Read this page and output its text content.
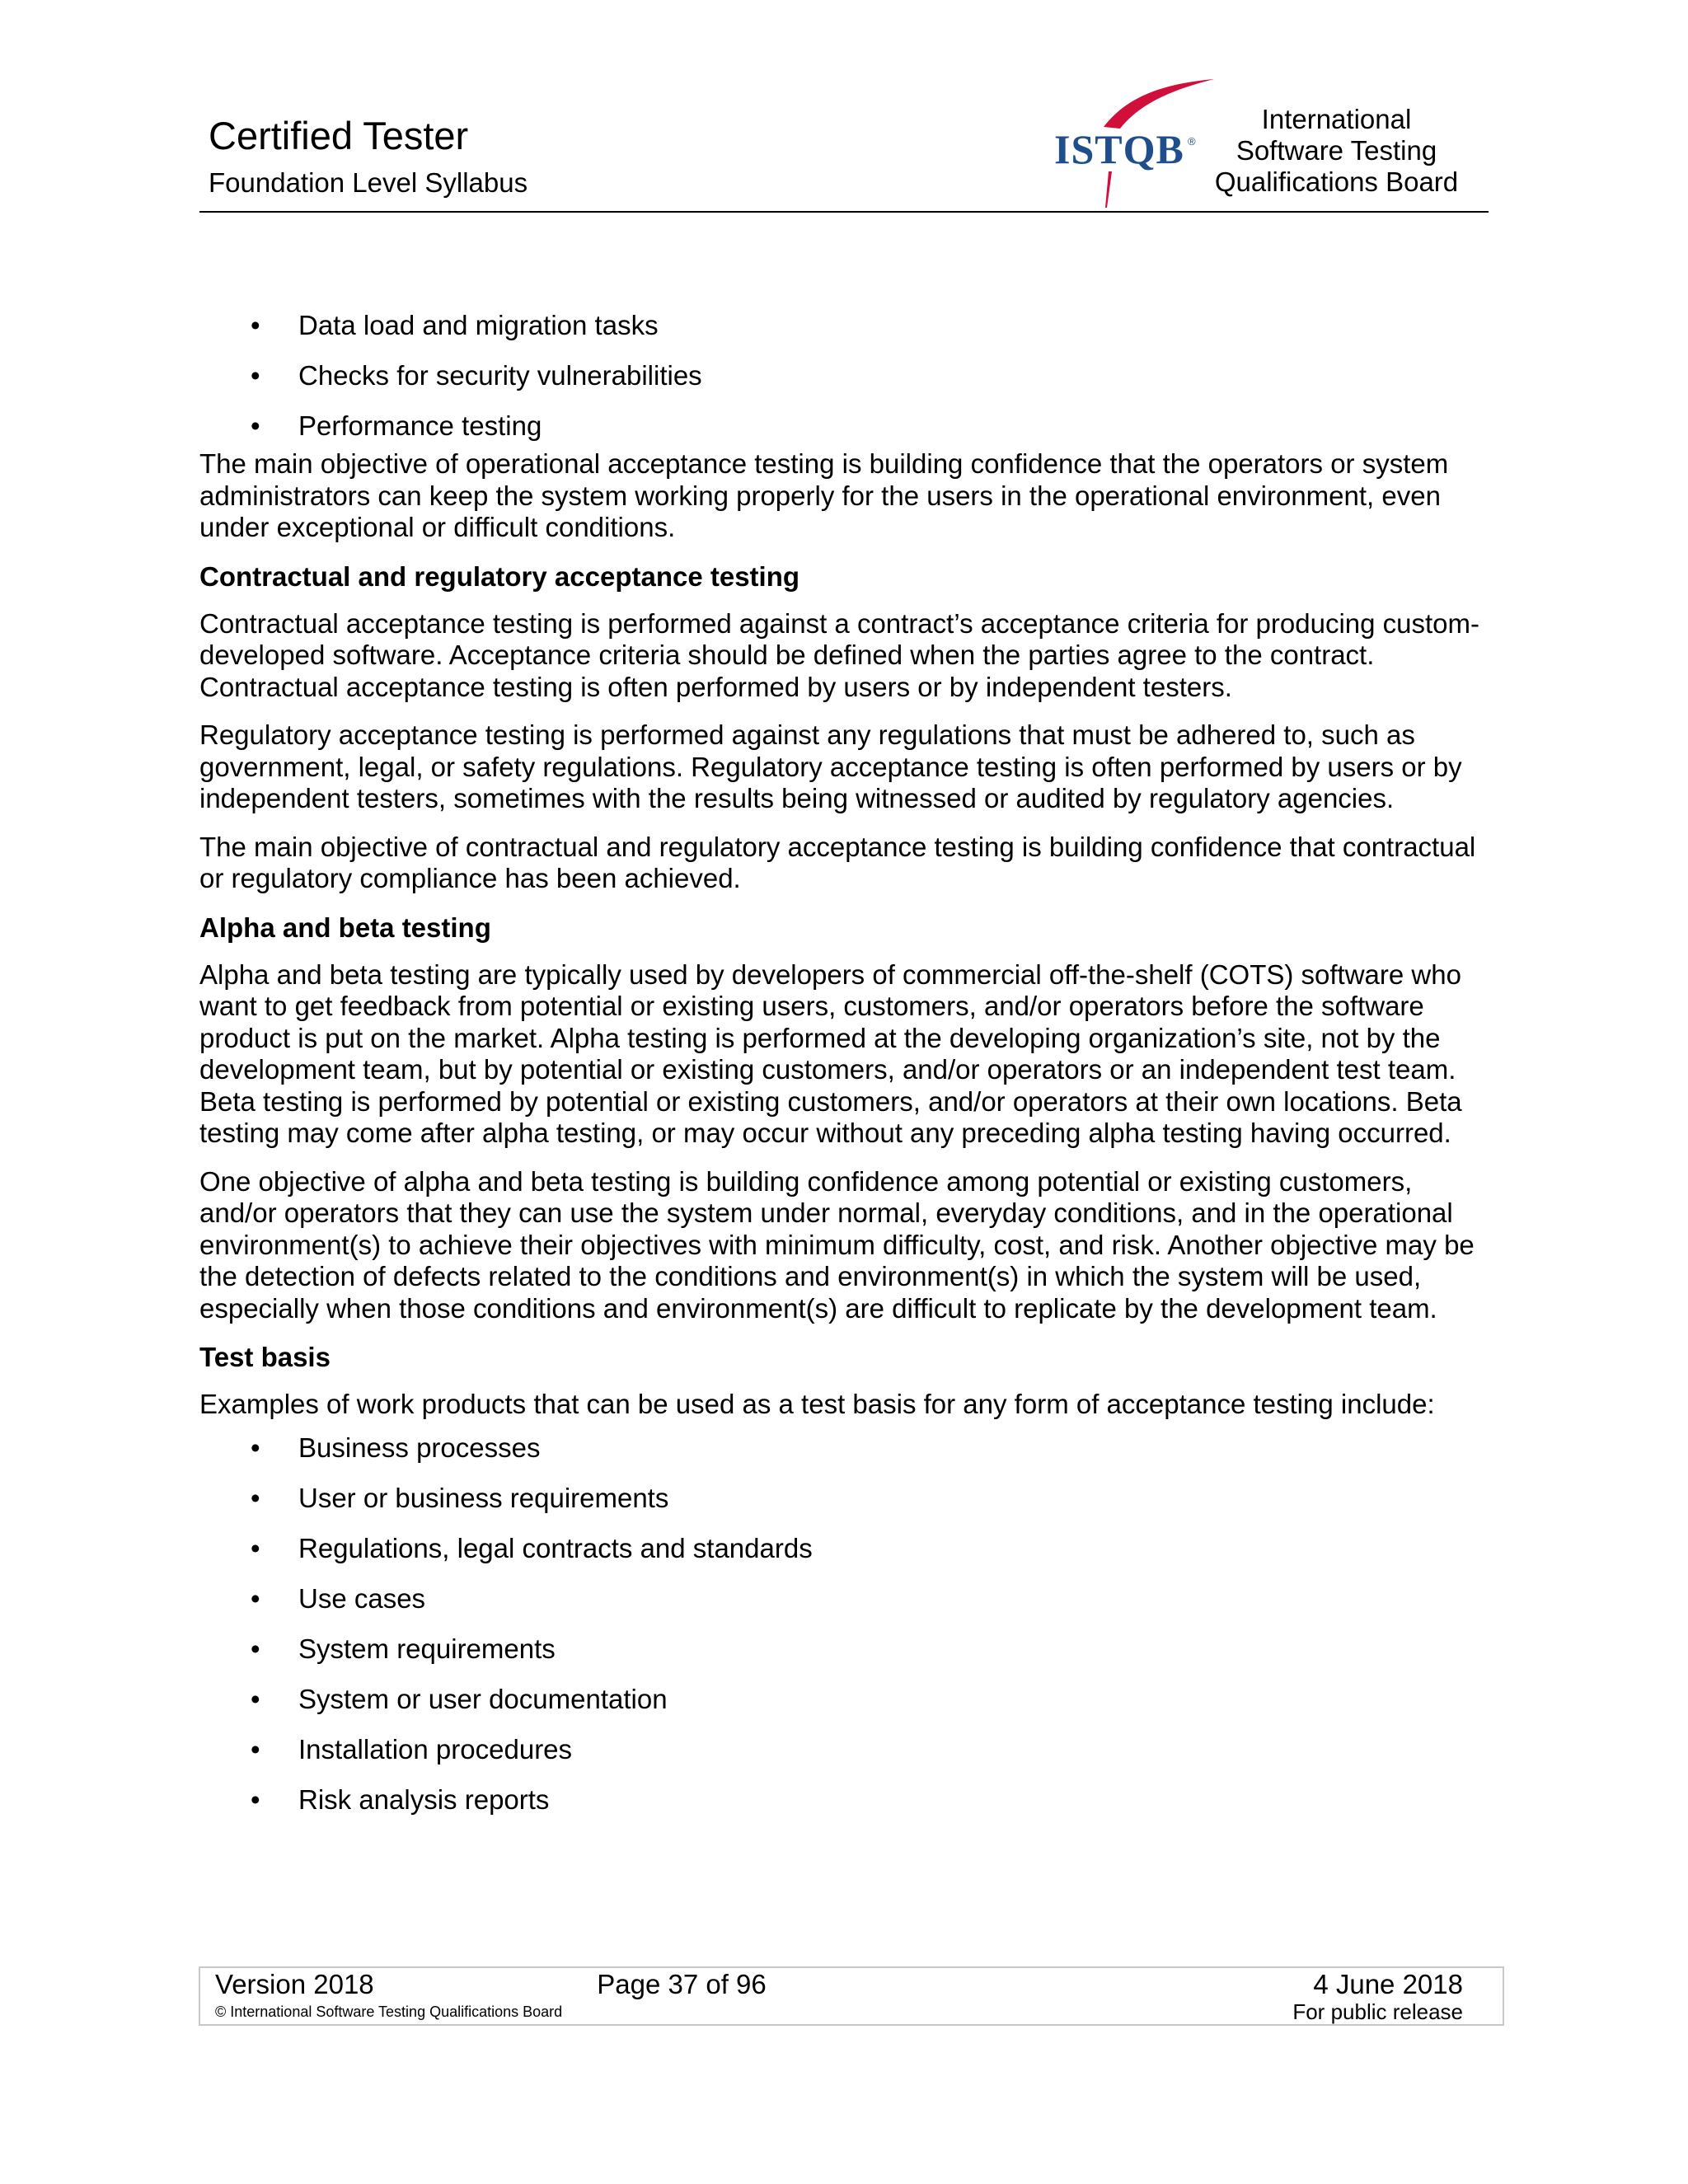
Certified Tester
Foundation Level Syllabus
ISTQB ®
International
Software Testing
Qualifications Board
• Data load and migration tasks
• Checks for security vulnerabilities
• Performance testing

The main objective of operational acceptance testing is building confidence that the operators or system administrators can keep the system working properly for the users in the operational environment, even under exceptional or difficult conditions.

Contractual and regulatory acceptance testing

Contractual acceptance testing is performed against a contract’s acceptance criteria for producing custom-developed software. Acceptance criteria should be defined when the parties agree to the contract. Contractual acceptance testing is often performed by users or by independent testers.

Regulatory acceptance testing is performed against any regulations that must be adhered to, such as government, legal, or safety regulations. Regulatory acceptance testing is often performed by users or by independent testers, sometimes with the results being witnessed or audited by regulatory agencies.

The main objective of contractual and regulatory acceptance testing is building confidence that contractual or regulatory compliance has been achieved.

Alpha and beta testing

Alpha and beta testing are typically used by developers of commercial off-the-shelf (COTS) software who want to get feedback from potential or existing users, customers, and/or operators before the software product is put on the market. Alpha testing is performed at the developing organization’s site, not by the development team, but by potential or existing customers, and/or operators or an independent test team. Beta testing is performed by potential or existing customers, and/or operators at their own locations. Beta testing may come after alpha testing, or may occur without any preceding alpha testing having occurred.

One objective of alpha and beta testing is building confidence among potential or existing customers, and/or operators that they can use the system under normal, everyday conditions, and in the operational environment(s) to achieve their objectives with minimum difficulty, cost, and risk. Another objective may be the detection of defects related to the conditions and environment(s) in which the system will be used, especially when those conditions and environment(s) are difficult to replicate by the development team.

Test basis

Examples of work products that can be used as a test basis for any form of acceptance testing include:

• Business processes
• User or business requirements
• Regulations, legal contracts and standards
• Use cases
• System requirements
• System or user documentation
• Installation procedures
• Risk analysis reports
Version 2018
© International Software Testing Qualifications Board
Page 37 of 96	4 June 2018
For public release
